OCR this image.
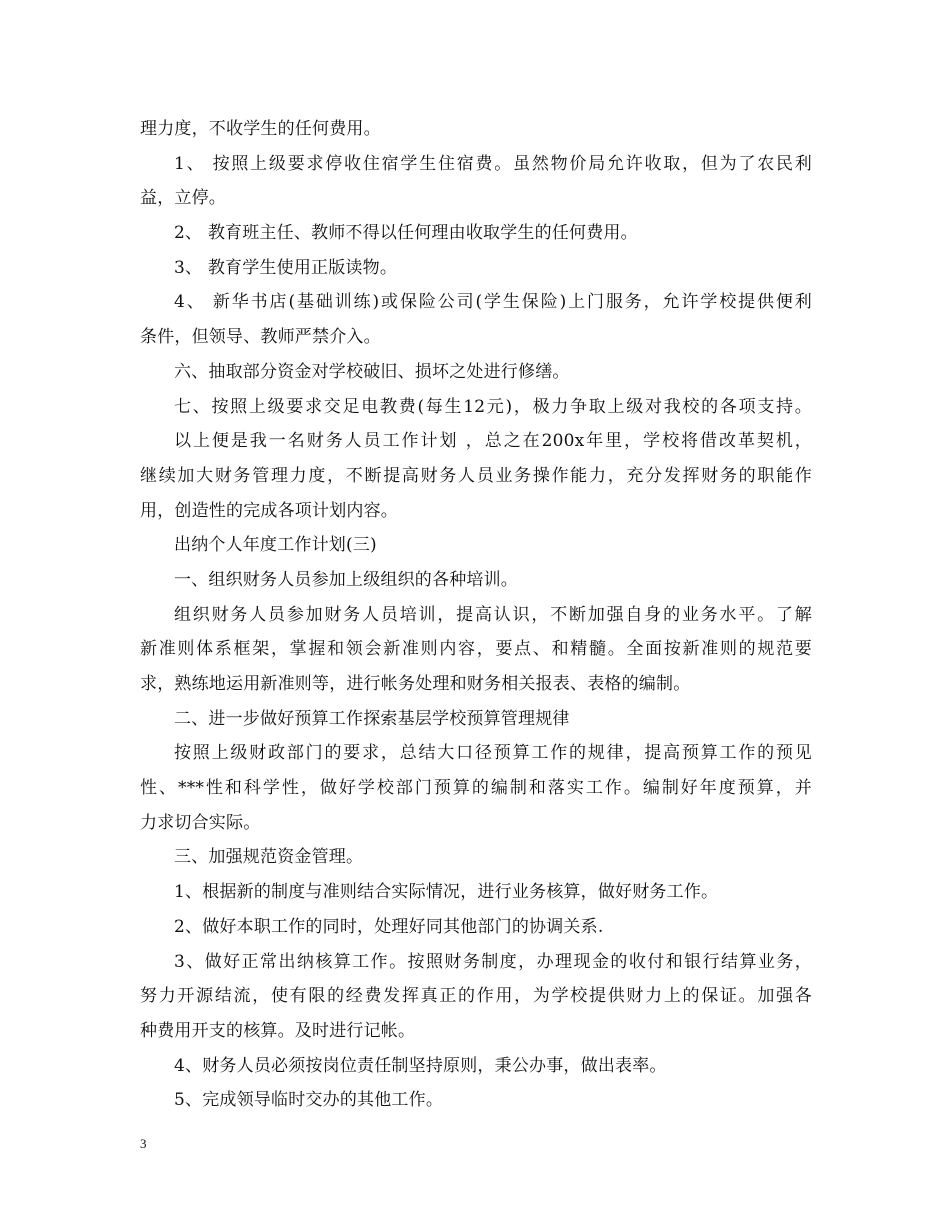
理力度，不收学生的任何费用。
1、 按照上级要求停收住宿学生住宿费。虽然物价局允许收取，但为了农民利
益，立停。
2、 教育班主任、教师不得以任何理由收取学生的任何费用。
3、 教育学生使用正版读物。
4、 新华书店(基础训练)或保险公司(学生保险)上门服务，允许学校提供便利
条件，但领导、教师严禁介入。
六、抽取部分资金对学校破旧、损坏之处进行修缮。
七、按照上级要求交足电教费(每生12元)，极力争取上级对我校的各项支持。
以上便是我一名财务人员工作计划 ，总之在200x年里，学校将借改革契机，
继续加大财务管理力度，不断提高财务人员业务操作能力，充分发挥财务的职能作
用，创造性的完成各项计划内容。
出纳个人年度工作计划(三)
一、组织财务人员参加上级组织的各种培训。
组织财务人员参加财务人员培训，提高认识，不断加强自身的业务水平。了解
新准则体系框架，掌握和领会新准则内容，要点、和精髓。全面按新准则的规范要
求，熟练地运用新准则等，进行帐务处理和财务相关报表、表格的编制。
二、进一步做好预算工作探索基层学校预算管理规律
按照上级财政部门的要求，总结大口径预算工作的规律，提高预算工作的预见
性、***性和科学性，做好学校部门预算的编制和落实工作。编制好年度预算，并
力求切合实际。
三、加强规范资金管理。
1、根据新的制度与准则结合实际情况，进行业务核算，做好财务工作。
2、做好本职工作的同时，处理好同其他部门的协调关系.
3、做好正常出纳核算工作。按照财务制度，办理现金的收付和银行结算业务，
努力开源结流，使有限的经费发挥真正的作用，为学校提供财力上的保证。加强各
种费用开支的核算。及时进行记帐。
4、财务人员必须按岗位责任制坚持原则，秉公办事，做出表率。
5、完成领导临时交办的其他工作。
3
